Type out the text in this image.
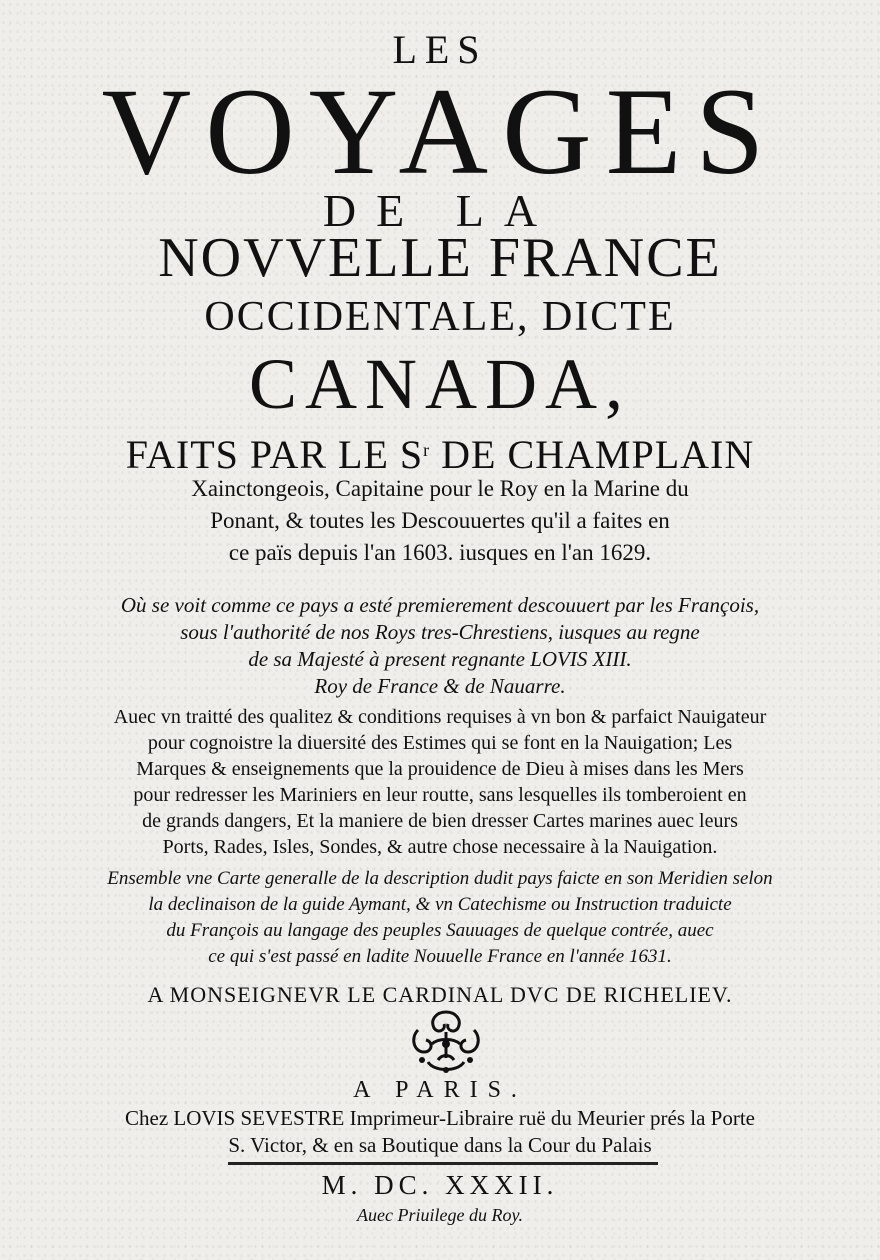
LES
VOYAGES
DE LA
NOVVELLE FRANCE
OCCIDENTALE, DICTE
CANADA,
FAITS PAR LE $S^r$ DE CHAMPLAIN
Xainctongeois, Capitaine pour le Roy en la Marine du
Ponant, & toutes les Descouuertes qu'il a faites en
ce païs depuis l'an 1603. iusques en l'an 1629.
Où se voit comme ce pays a esté premierement descouuert par les François,
sous l'authorité de nos Roys tres-Chrestiens, iusques au regne
de sa Majesté à present regnante LOVIS XIII.
Roy de France & de Nauarre.
Auec vn traitté des qualitez & conditions requises à vn bon & parfaict Nauigateur
pour cognoistre la diuersité des Estimes qui se font en la Nauigation; Les
Marques & enseignements que la prouidence de Dieu à mises dans les Mers
pour redresser les Mariniers en leur routte, sans lesquelles ils tomberoient en
de grands dangers, Et la maniere de bien dresser Cartes marines auec leurs
Ports, Rades, Isles, Sondes, & autre chose necessaire à la Nauigation.
Ensemble vne Carte generalle de la description dudit pays faicte en son Meridien selon
la declinaison de la guide Aymant, & vn Catechisme ou Instruction traduicte
du François au langage des peuples Sauuages de quelque contrée, auec
ce qui s'est passé en ladite Nouuelle France en l'année 1631.
A MONSEIGNEVR LE CARDINAL DVC DE RICHELIEV.
A PARIS.
Chez LOVIS SEVESTRE Imprimeur-Libraire ruë du Meurier prés la Porte
S. Victor, & en sa Boutique dans la Cour du Palais
M. DC. XXXII.
Auec Priuilege du Roy.
